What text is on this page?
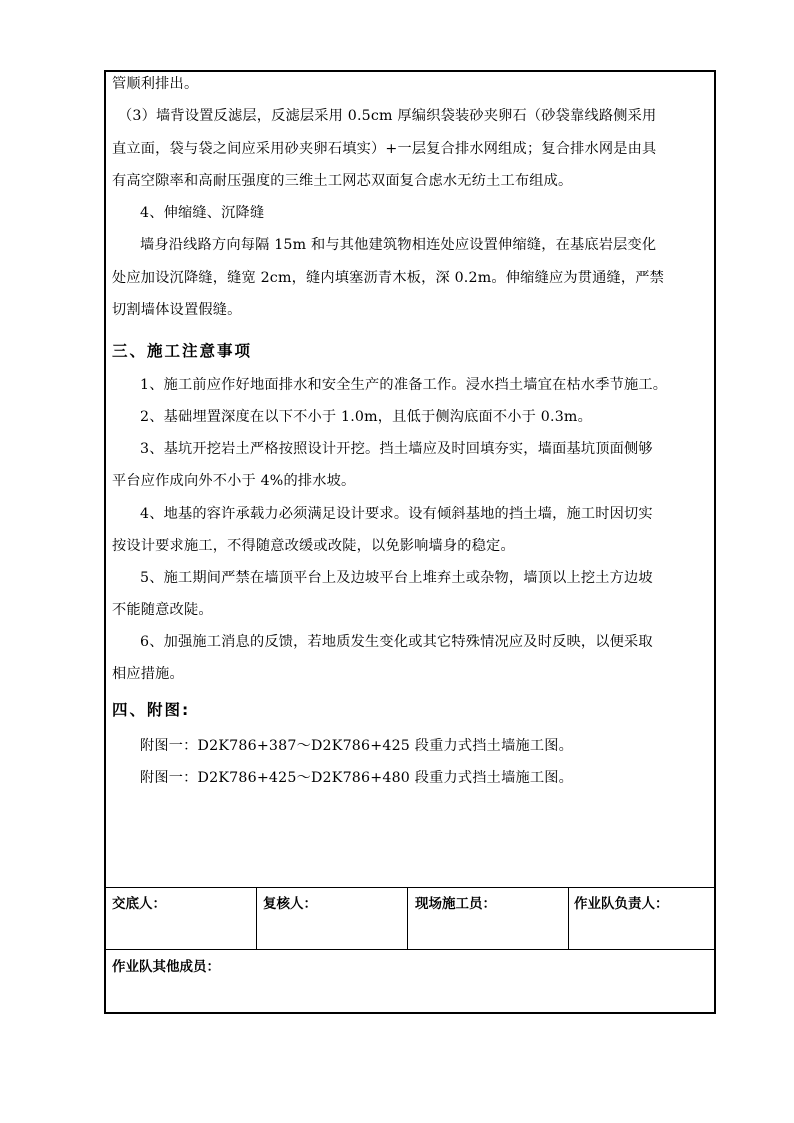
管顺利排出。
（3）墙背设置反滤层，反滤层采用 0.5cm 厚编织袋装砂夹卵石（砂袋靠线路侧采用
直立面，袋与袋之间应采用砂夹卵石填实）+一层复合排水网组成；复合排水网是由具
有高空隙率和高耐压强度的三维土工网芯双面复合虑水无纺土工布组成。
4、伸缩缝、沉降缝
墙身沿线路方向每隔 15m 和与其他建筑物相连处应设置伸缩缝，在基底岩层变化
处应加设沉降缝，缝宽 2cm，缝内填塞沥青木板，深 0.2m。伸缩缝应为贯通缝，严禁
切割墙体设置假缝。
三、施工注意事项
1、施工前应作好地面排水和安全生产的准备工作。浸水挡土墙宜在枯水季节施工。
2、基础埋置深度在以下不小于 1.0m，且低于侧沟底面不小于 0.3m。
3、基坑开挖岩土严格按照设计开挖。挡土墙应及时回填夯实，墙面基坑顶面侧够
平台应作成向外不小于 4%的排水坡。
4、地基的容许承载力必须满足设计要求。设有倾斜基地的挡土墙，施工时因切实
按设计要求施工，不得随意改缓或改陡，以免影响墙身的稳定。
5、施工期间严禁在墙顶平台上及边坡平台上堆弃土或杂物，墙顶以上挖土方边坡
不能随意改陡。
6、加强施工消息的反馈，若地质发生变化或其它特殊情况应及时反映，以便采取
相应措施。
四、附图:
附图一：D2K786+387～D2K786+425 段重力式挡土墙施工图。
附图一：D2K786+425～D2K786+480 段重力式挡土墙施工图。
交底人：	复核人：	现场施工员：	作业队负责人：
作业队其他成员：
